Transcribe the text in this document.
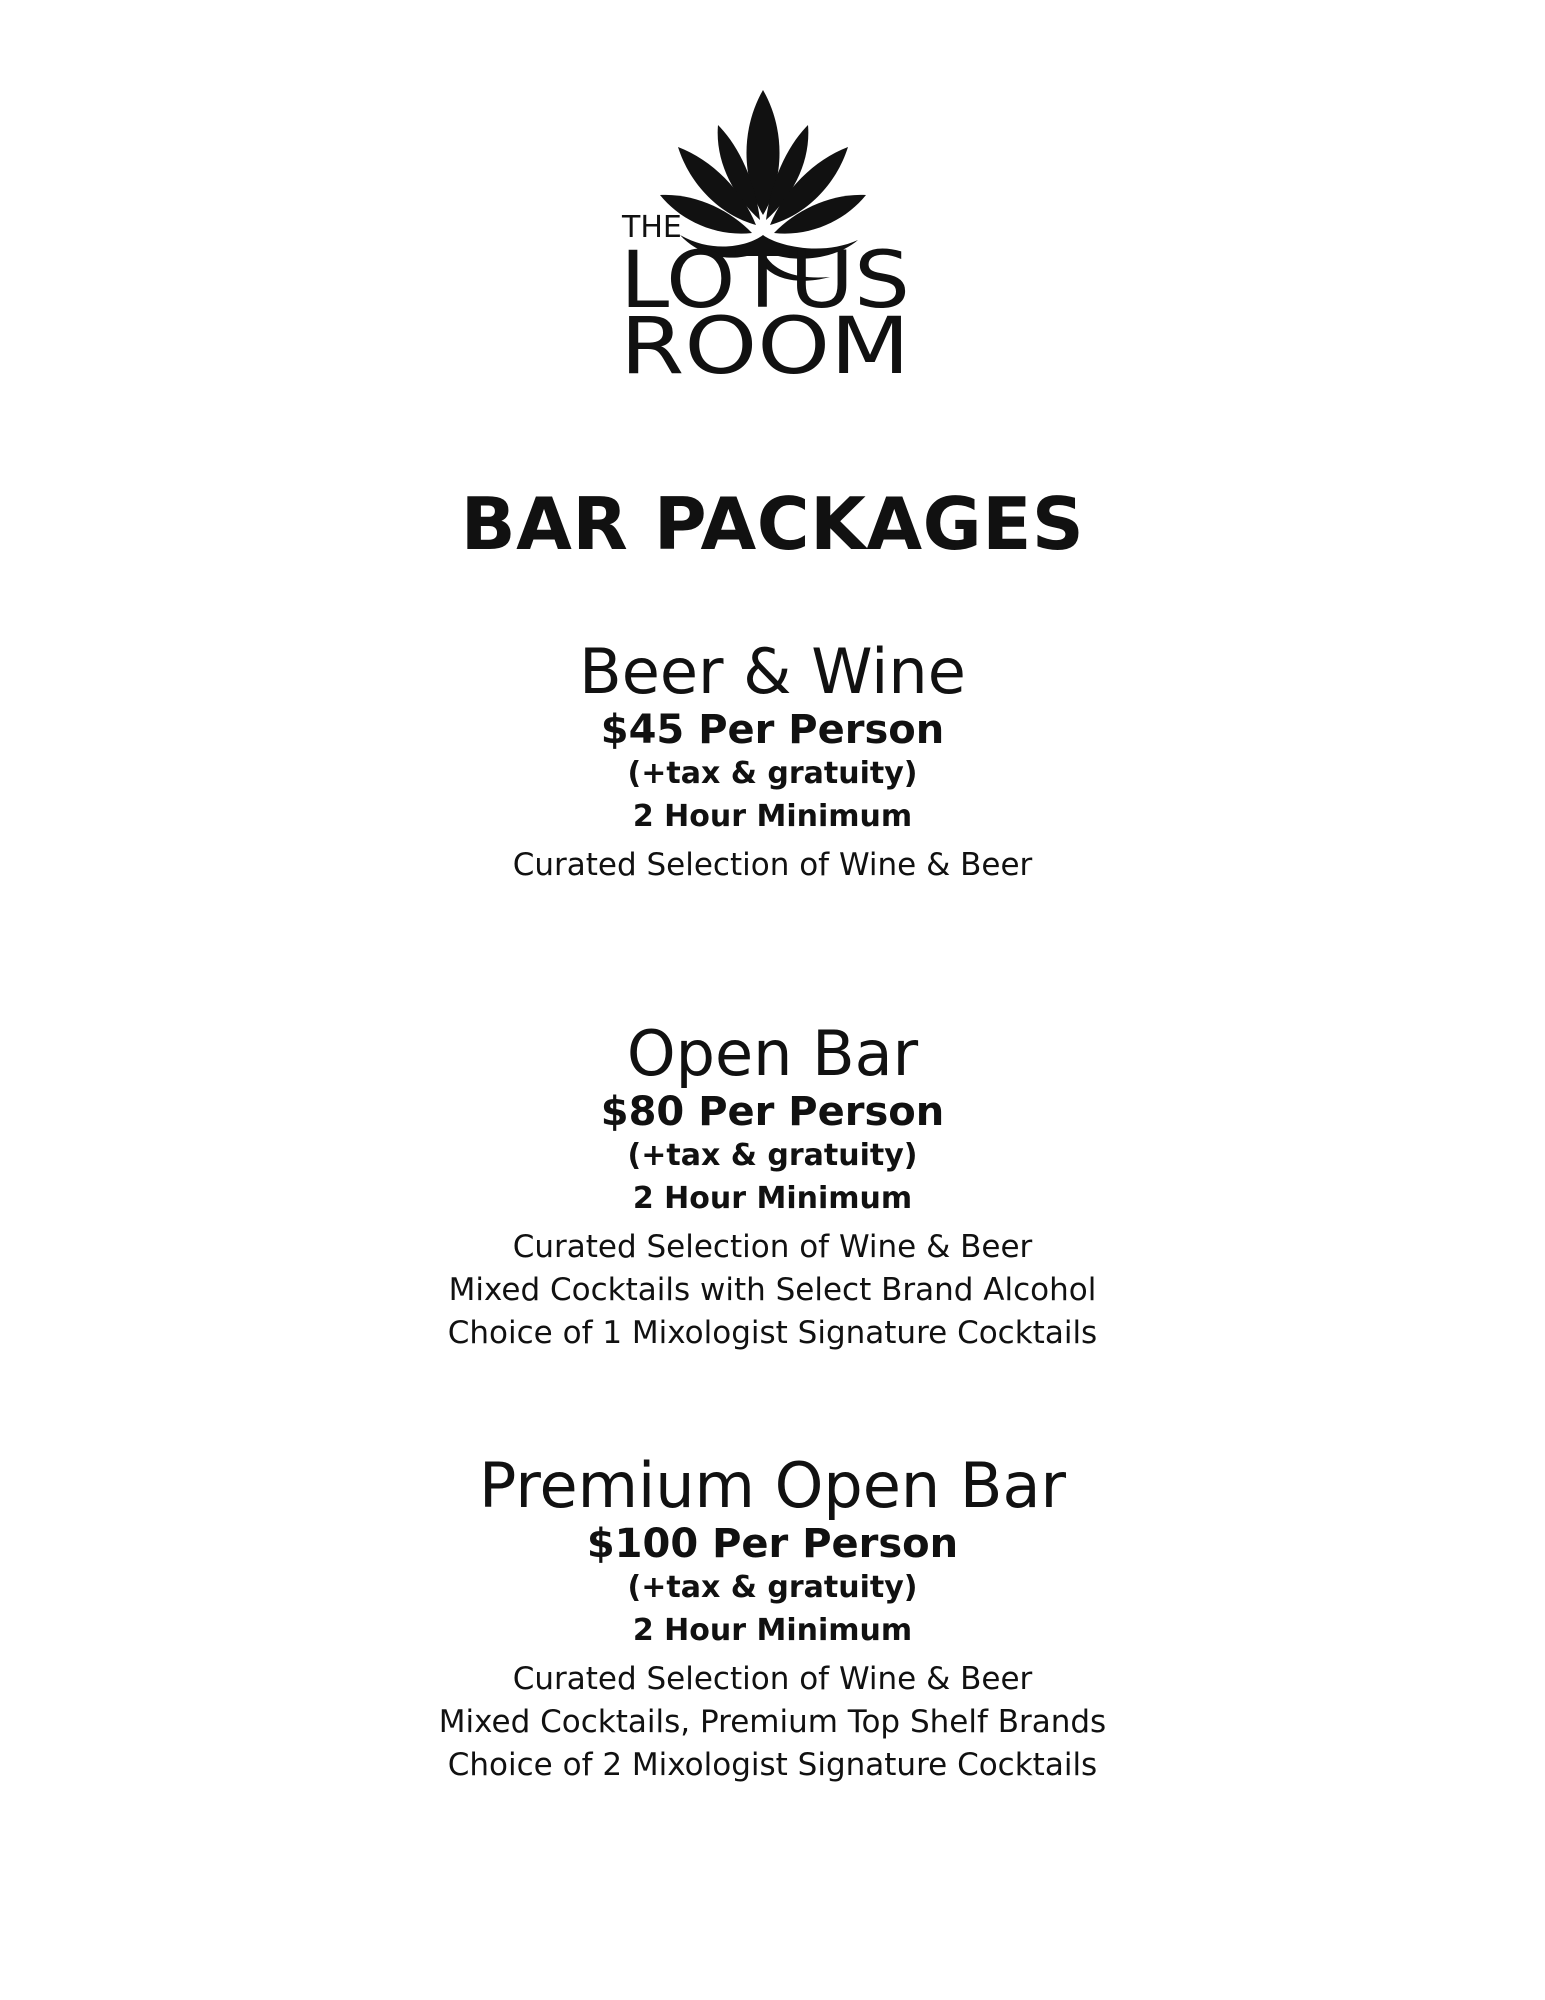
THE
LOTUS
ROOM
BAR PACKAGES
Beer & Wine
$45 Per Person
(+tax & gratuity)
2 Hour Minimum
Curated Selection of Wine & Beer
Open Bar
$80 Per Person
(+tax & gratuity)
2 Hour Minimum
Curated Selection of Wine & Beer
Mixed Cocktails with Select Brand Alcohol
Choice of 1 Mixologist Signature Cocktails
Premium Open Bar
$100 Per Person
(+tax & gratuity)
2 Hour Minimum
Curated Selection of Wine & Beer
Mixed Cocktails, Premium Top Shelf Brands
Choice of 2 Mixologist Signature Cocktails
